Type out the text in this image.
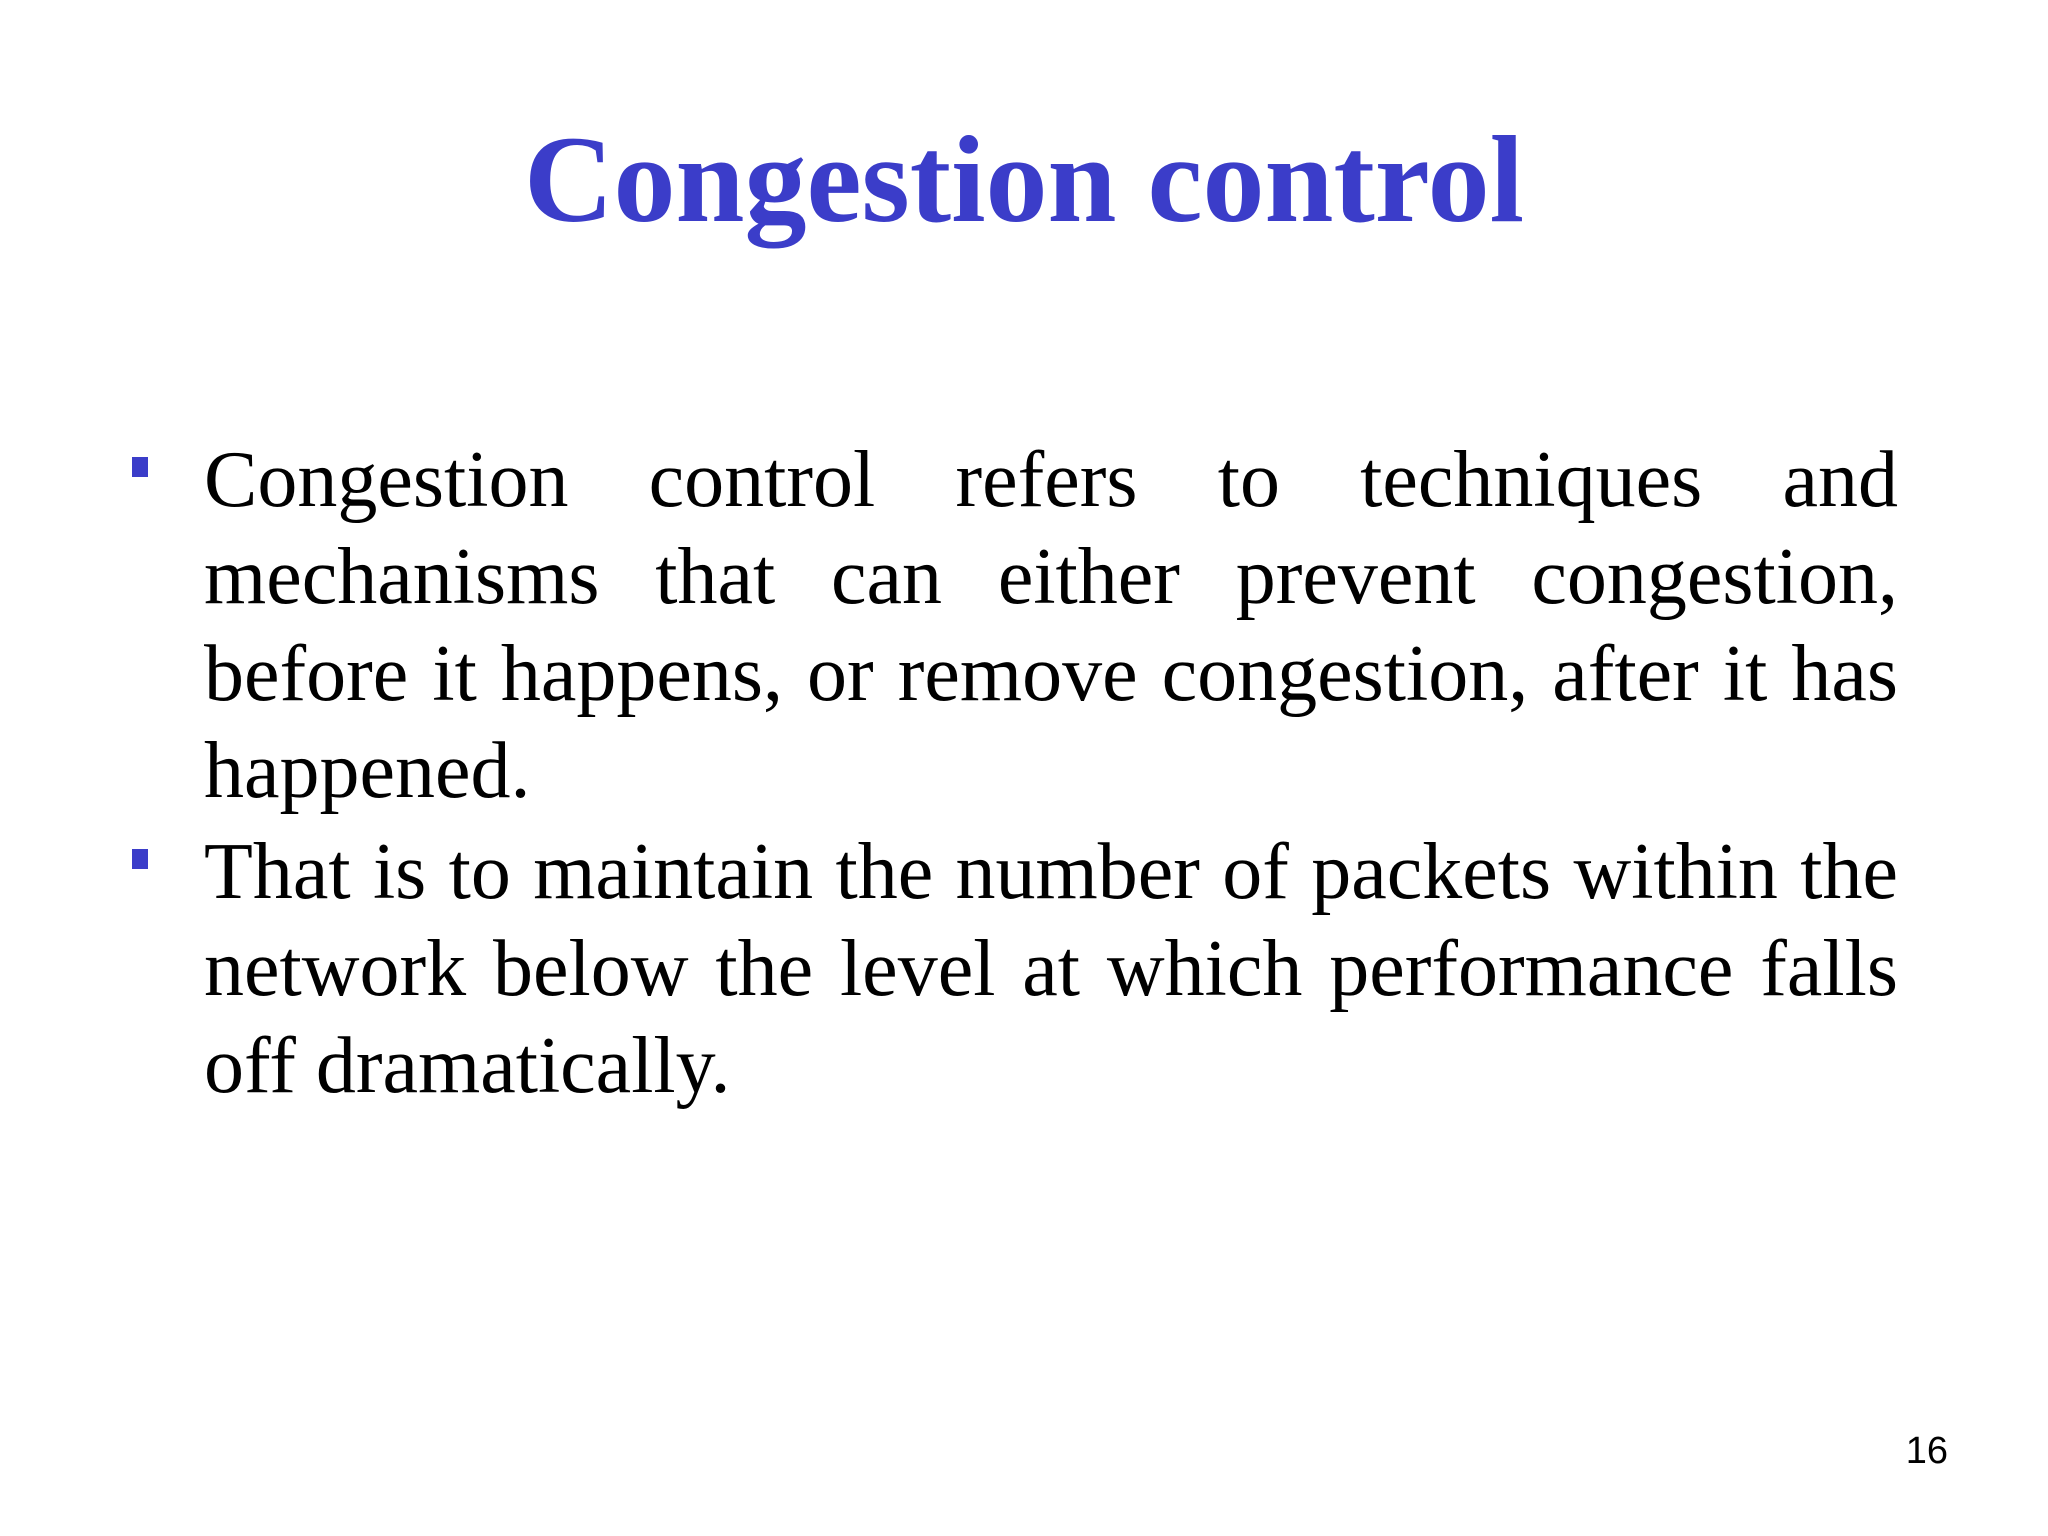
Congestion control
Congestion control refers to techniques and mechanisms that can either prevent congestion, before it happens, or remove congestion, after it has happened.
That is to maintain the number of packets within the network below the level at which performance falls off dramatically.
16
